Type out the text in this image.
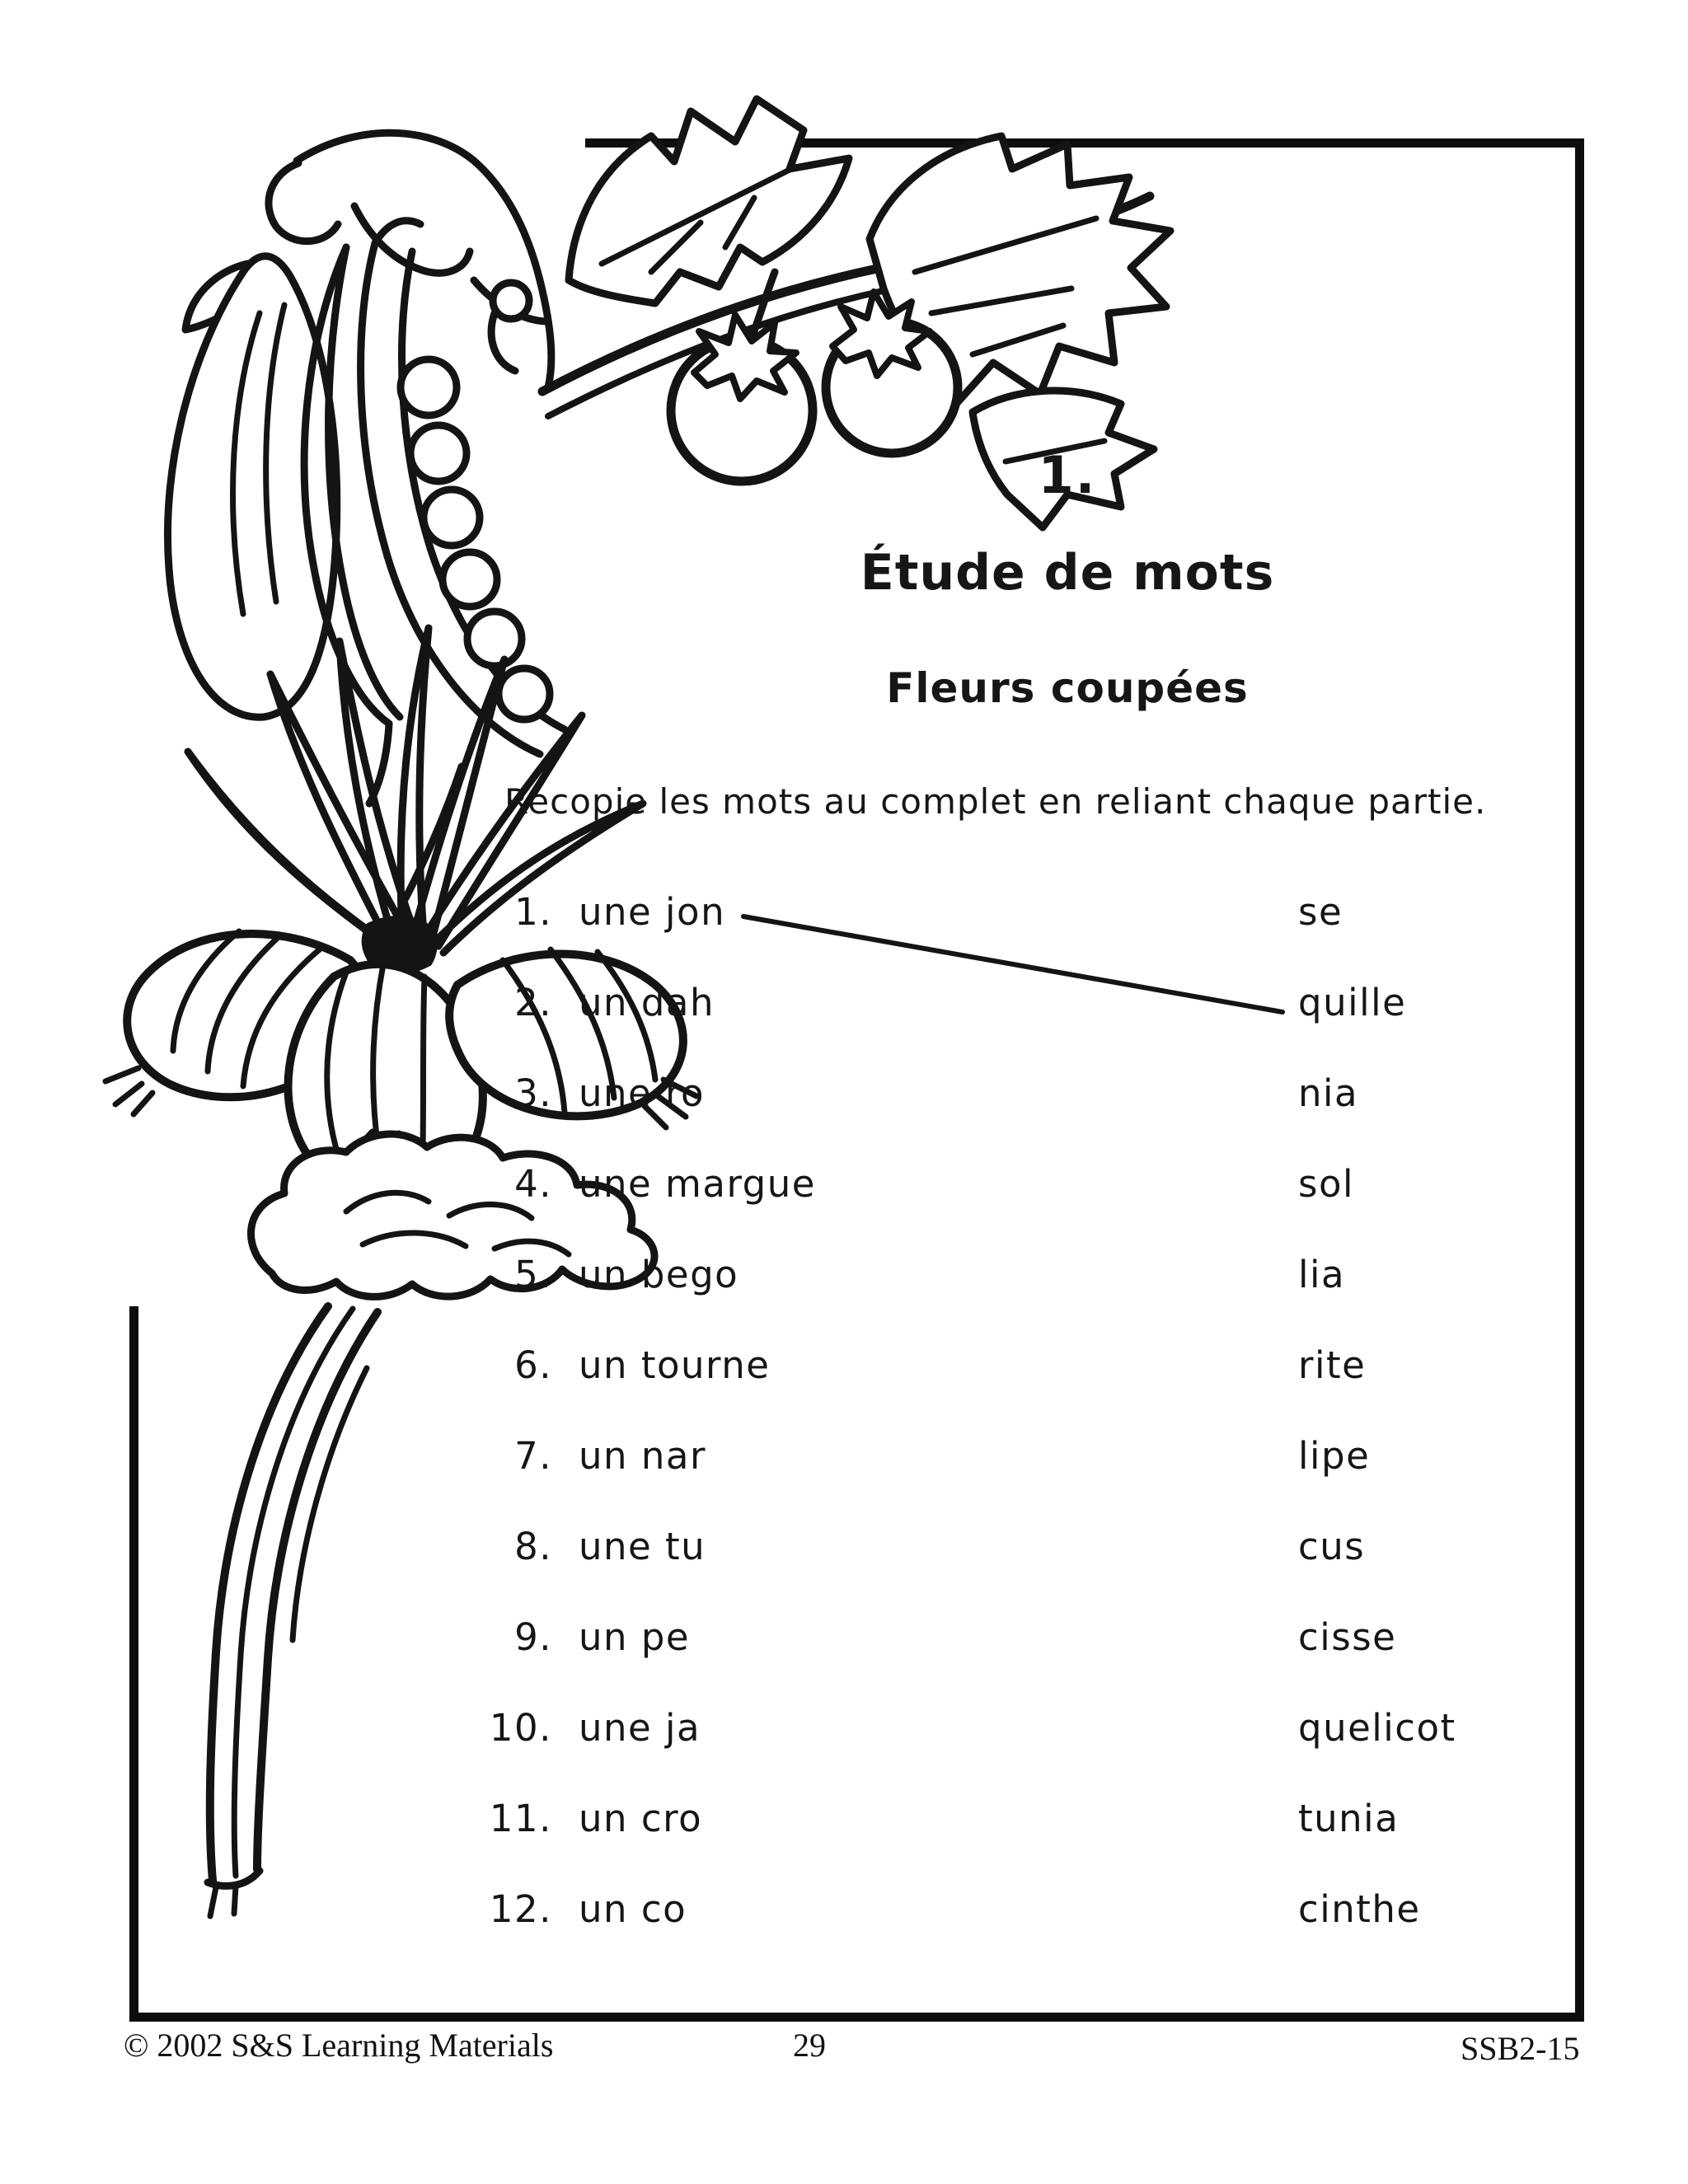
1.
Étude de mots
Fleurs coupées

Recopie les mots au complet en reliant chaque partie.

1. une jon	se
2. un dah	quille
3. une ro	nia
4. une margue	sol
5. un bego	lia
6. un tourne	rite
7. un nar	lipe
8. une tu	cus
9. un pe	cisse
10. une ja	quelicot
11. un cro	tunia
12. un co	cinthe
© 2002 S&S Learning Materials	29	SSB2-15
